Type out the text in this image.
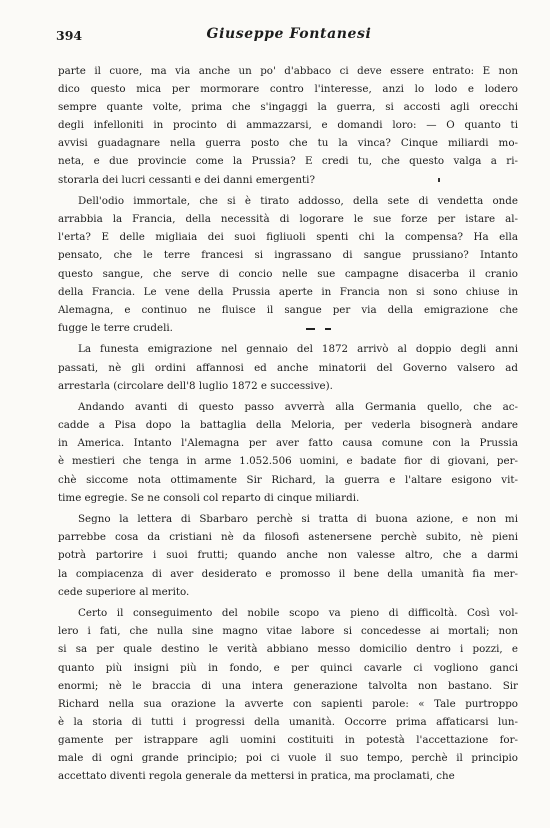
394	Giuseppe Fontanesi

parte il cuore, ma via anche un po' d'abbaco ci deve essere entrato: E non
dico questo mica per mormorare contro l'interesse, anzi lo lodo e lodero
sempre quante volte, prima che s'ingaggi la guerra, si accosti agli orecchi
degli infelloniti in procinto di ammazzarsi, e domandi loro: — O quanto ti
avvisi guadagnare nella guerra posto che tu la vinca? Cinque miliardi mo-
neta, e due provincie come la Prussia? E credi tu, che questo valga a ri-
storarla dei lucri cessanti e dei danni emergenti?

Dell'odio immortale, che si è tirato addosso, della sete di vendetta onde
arrabbia la Francia, della necessità di logorare le sue forze per istare al-
l'erta? E delle migliaia dei suoi figliuoli spenti chi la compensa? Ha ella
pensato, che le terre francesi si ingrassano di sangue prussiano? Intanto
questo sangue, che serve di concio nelle sue campagne disacerba il cranio
della Francia. Le vene della Prussia aperte in Francia non si sono chiuse in
Alemagna, e continuo ne fluisce il sangue per via della emigrazione che
fugge le terre crudeli.

La funesta emigrazione nel gennaio del 1872 arrivò al doppio degli anni
passati, nè gli ordini affannosi ed anche minatorii del Governo valsero ad
arrestarla (circolare dell'8 luglio 1872 e successive).

Andando avanti di questo passo avverrà alla Germania quello, che ac-
cadde a Pisa dopo la battaglia della Meloria, per vederla bisognerà andare
in America. Intanto l'Alemagna per aver fatto causa comune con la Prussia
è mestieri che tenga in arme 1.052.506 uomini, e badate fior di giovani, per-
chè siccome nota ottimamente Sir Richard, la guerra e l'altare esigono vit-
time egregie. Se ne consoli col reparto di cinque miliardi.

Segno la lettera di Sbarbaro perchè si tratta di buona azione, e non mi
parrebbe cosa da cristiani nè da filosofi astenersene perchè subito, nè pieni
potrà partorire i suoi frutti; quando anche non valesse altro, che a darmi
la compiacenza di aver desiderato e promosso il bene della umanità fia mer-
cede superiore al merito.

Certo il conseguimento del nobile scopo va pieno di difficoltà. Così vol-
lero i fati, che nulla sine magno vitae labore si concedesse ai mortali; non
si sa per quale destino le verità abbiano messo domicilio dentro i pozzi, e
quanto più insigni più in fondo, e per quinci cavarle ci vogliono ganci
enormi; nè le braccia di una intera generazione talvolta non bastano. Sir
Richard nella sua orazione la avverte con sapienti parole: « Tale purtroppo
è la storia di tutti i progressi della umanità. Occorre prima affaticarsi lun-
gamente per istrappare agli uomini costituiti in potestà l'accettazione for-
male di ogni grande principio; poi ci vuole il suo tempo, perchè il principio
accettato diventi regola generale da mettersi in pratica, ma proclamati, che
